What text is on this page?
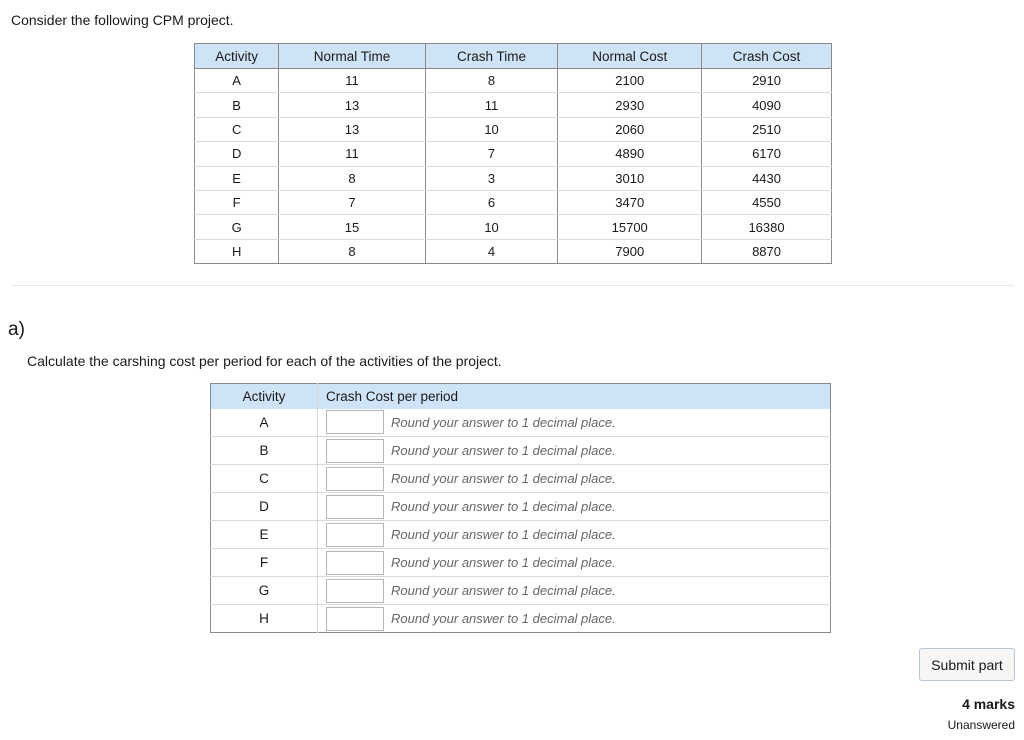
Consider the following CPM project.
Activity	Normal Time	Crash Time	Normal Cost	Crash Cost
A	11	8	2100	2910
B	13	11	2930	4090
C	13	10	2060	2510
D	11	7	4890	6170
E	8	3	3010	4430
F	7	6	3470	4550
G	15	10	15700	16380
H	8	4	7900	8870
a)
Calculate the carshing cost per period for each of the activities of the project.
Activity	Crash Cost per period
A	Round your answer to 1 decimal place.
B	Round your answer to 1 decimal place.
C	Round your answer to 1 decimal place.
D	Round your answer to 1 decimal place.
E	Round your answer to 1 decimal place.
F	Round your answer to 1 decimal place.
G	Round your answer to 1 decimal place.
H	Round your answer to 1 decimal place.
Submit part
4 marks
Unanswered
